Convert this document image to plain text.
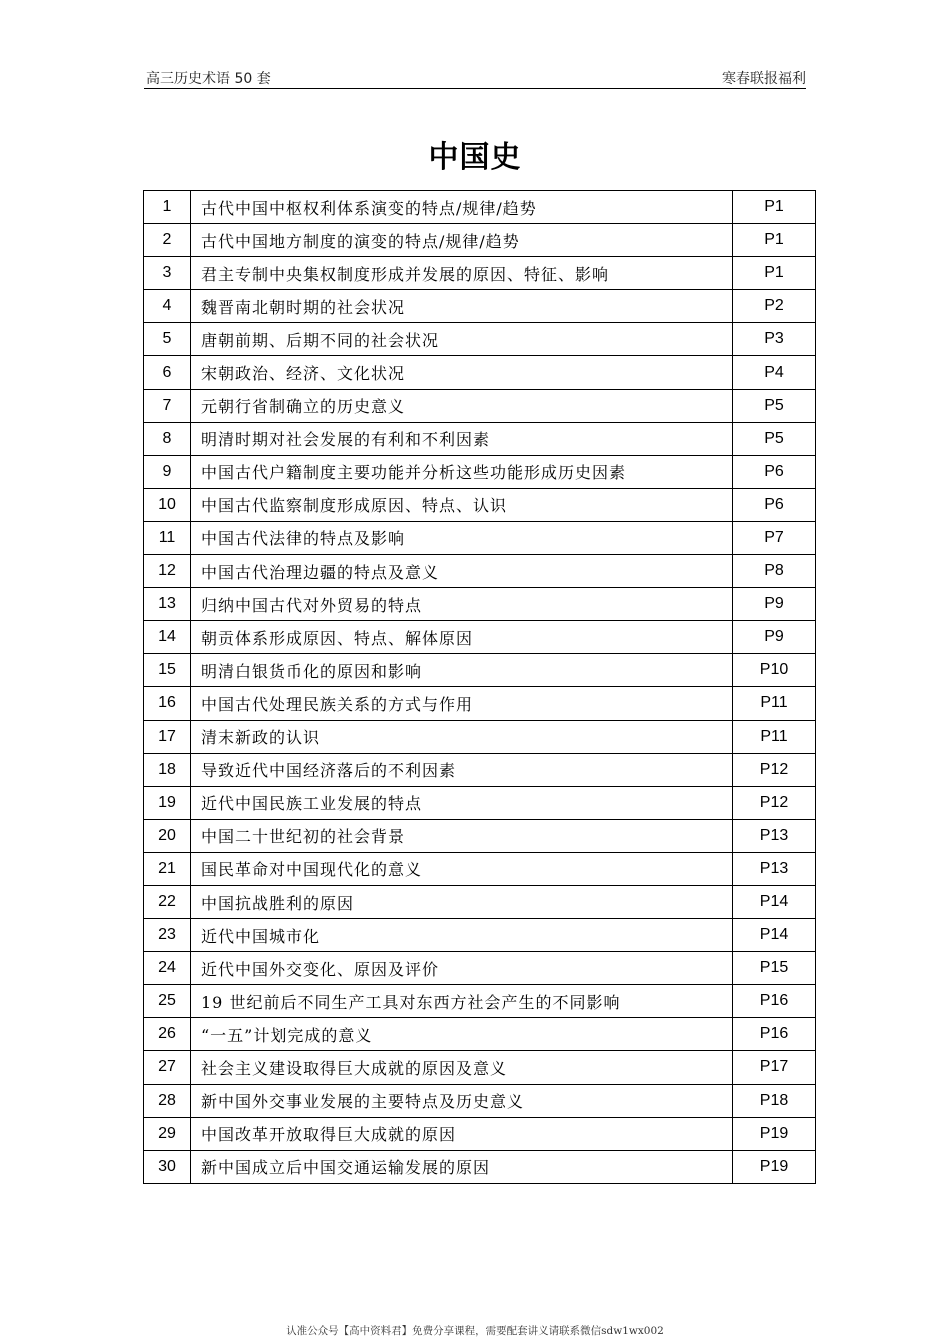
高三历史术语 50 套	寒春联报福利
中国史
1	古代中国中枢权利体系演变的特点/规律/趋势	P1
2	古代中国地方制度的演变的特点/规律/趋势	P1
3	君主专制中央集权制度形成并发展的原因、特征、影响	P1
4	魏晋南北朝时期的社会状况	P2
5	唐朝前期、后期不同的社会状况	P3
6	宋朝政治、经济、文化状况	P4
7	元朝行省制确立的历史意义	P5
8	明清时期对社会发展的有利和不利因素	P5
9	中国古代户籍制度主要功能并分析这些功能形成历史因素	P6
10	中国古代监察制度形成原因、特点、认识	P6
11	中国古代法律的特点及影响	P7
12	中国古代治理边疆的特点及意义	P8
13	归纳中国古代对外贸易的特点	P9
14	朝贡体系形成原因、特点、解体原因	P9
15	明清白银货币化的原因和影响	P10
16	中国古代处理民族关系的方式与作用	P11
17	清末新政的认识	P11
18	导致近代中国经济落后的不利因素	P12
19	近代中国民族工业发展的特点	P12
20	中国二十世纪初的社会背景	P13
21	国民革命对中国现代化的意义	P13
22	中国抗战胜利的原因	P14
23	近代中国城市化	P14
24	近代中国外交变化、原因及评价	P15
25	19 世纪前后不同生产工具对东西方社会产生的不同影响	P16
26	“一五”计划完成的意义	P16
27	社会主义建设取得巨大成就的原因及意义	P17
28	新中国外交事业发展的主要特点及历史意义	P18
29	中国改革开放取得巨大成就的原因	P19
30	新中国成立后中国交通运输发展的原因	P19
认准公众号【高中资料君】免费分享课程，需要配套讲义请联系微信sdw1wx002
